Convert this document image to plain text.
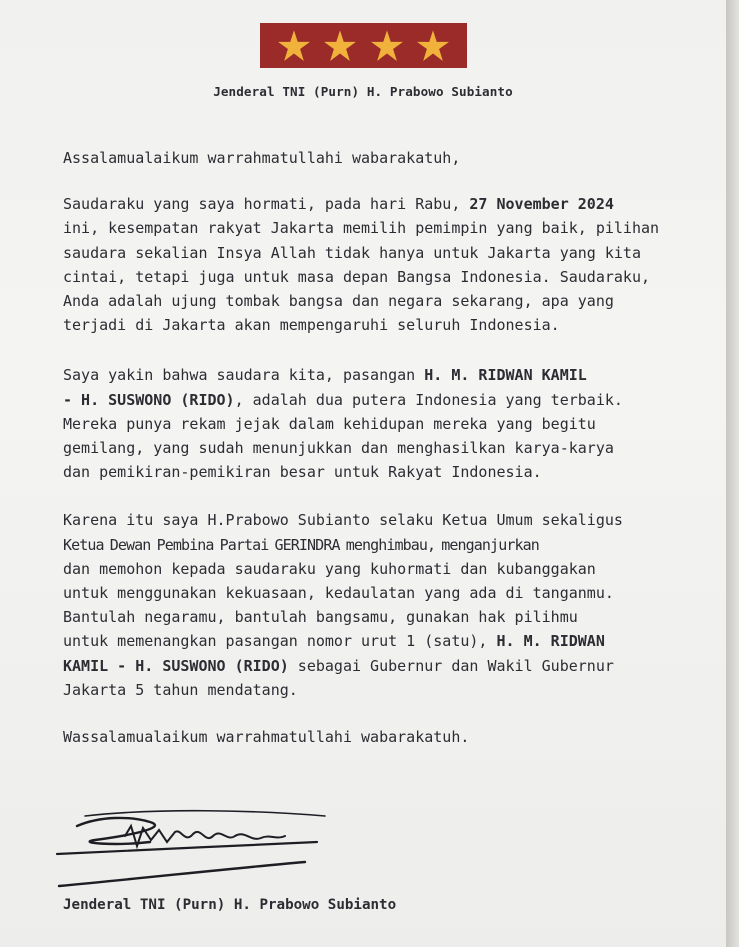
Jenderal TNI (Purn) H. Prabowo Subianto

Assalamualaikum warrahmatullahi wabarakatuh,

Saudaraku yang saya hormati, pada hari Rabu, 27 November 2024
ini, kesempatan rakyat Jakarta memilih pemimpin yang baik, pilihan
saudara sekalian Insya Allah tidak hanya untuk Jakarta yang kita
cintai, tetapi juga untuk masa depan Bangsa Indonesia. Saudaraku,
Anda adalah ujung tombak bangsa dan negara sekarang, apa yang
terjadi di Jakarta akan mempengaruhi seluruh Indonesia.

Saya yakin bahwa saudara kita, pasangan H. M. RIDWAN KAMIL
- H. SUSWONO (RIDO), adalah dua putera Indonesia yang terbaik.
Mereka punya rekam jejak dalam kehidupan mereka yang begitu
gemilang, yang sudah menunjukkan dan menghasilkan karya-karya
dan pemikiran-pemikiran besar untuk Rakyat Indonesia.

Karena itu saya H.Prabowo Subianto selaku Ketua Umum sekaligus
Ketua Dewan Pembina Partai GERINDRA menghimbau, menganjurkan
dan memohon kepada saudaraku yang kuhormati dan kubanggakan
untuk menggunakan kekuasaan, kedaulatan yang ada di tanganmu.
Bantulah negaramu, bantulah bangsamu, gunakan hak pilihmu
untuk memenangkan pasangan nomor urut 1 (satu), H. M. RIDWAN
KAMIL - H. SUSWONO (RIDO) sebagai Gubernur dan Wakil Gubernur
Jakarta 5 tahun mendatang.

Wassalamualaikum warrahmatullahi wabarakatuh.

Jenderal TNI (Purn) H. Prabowo Subianto
